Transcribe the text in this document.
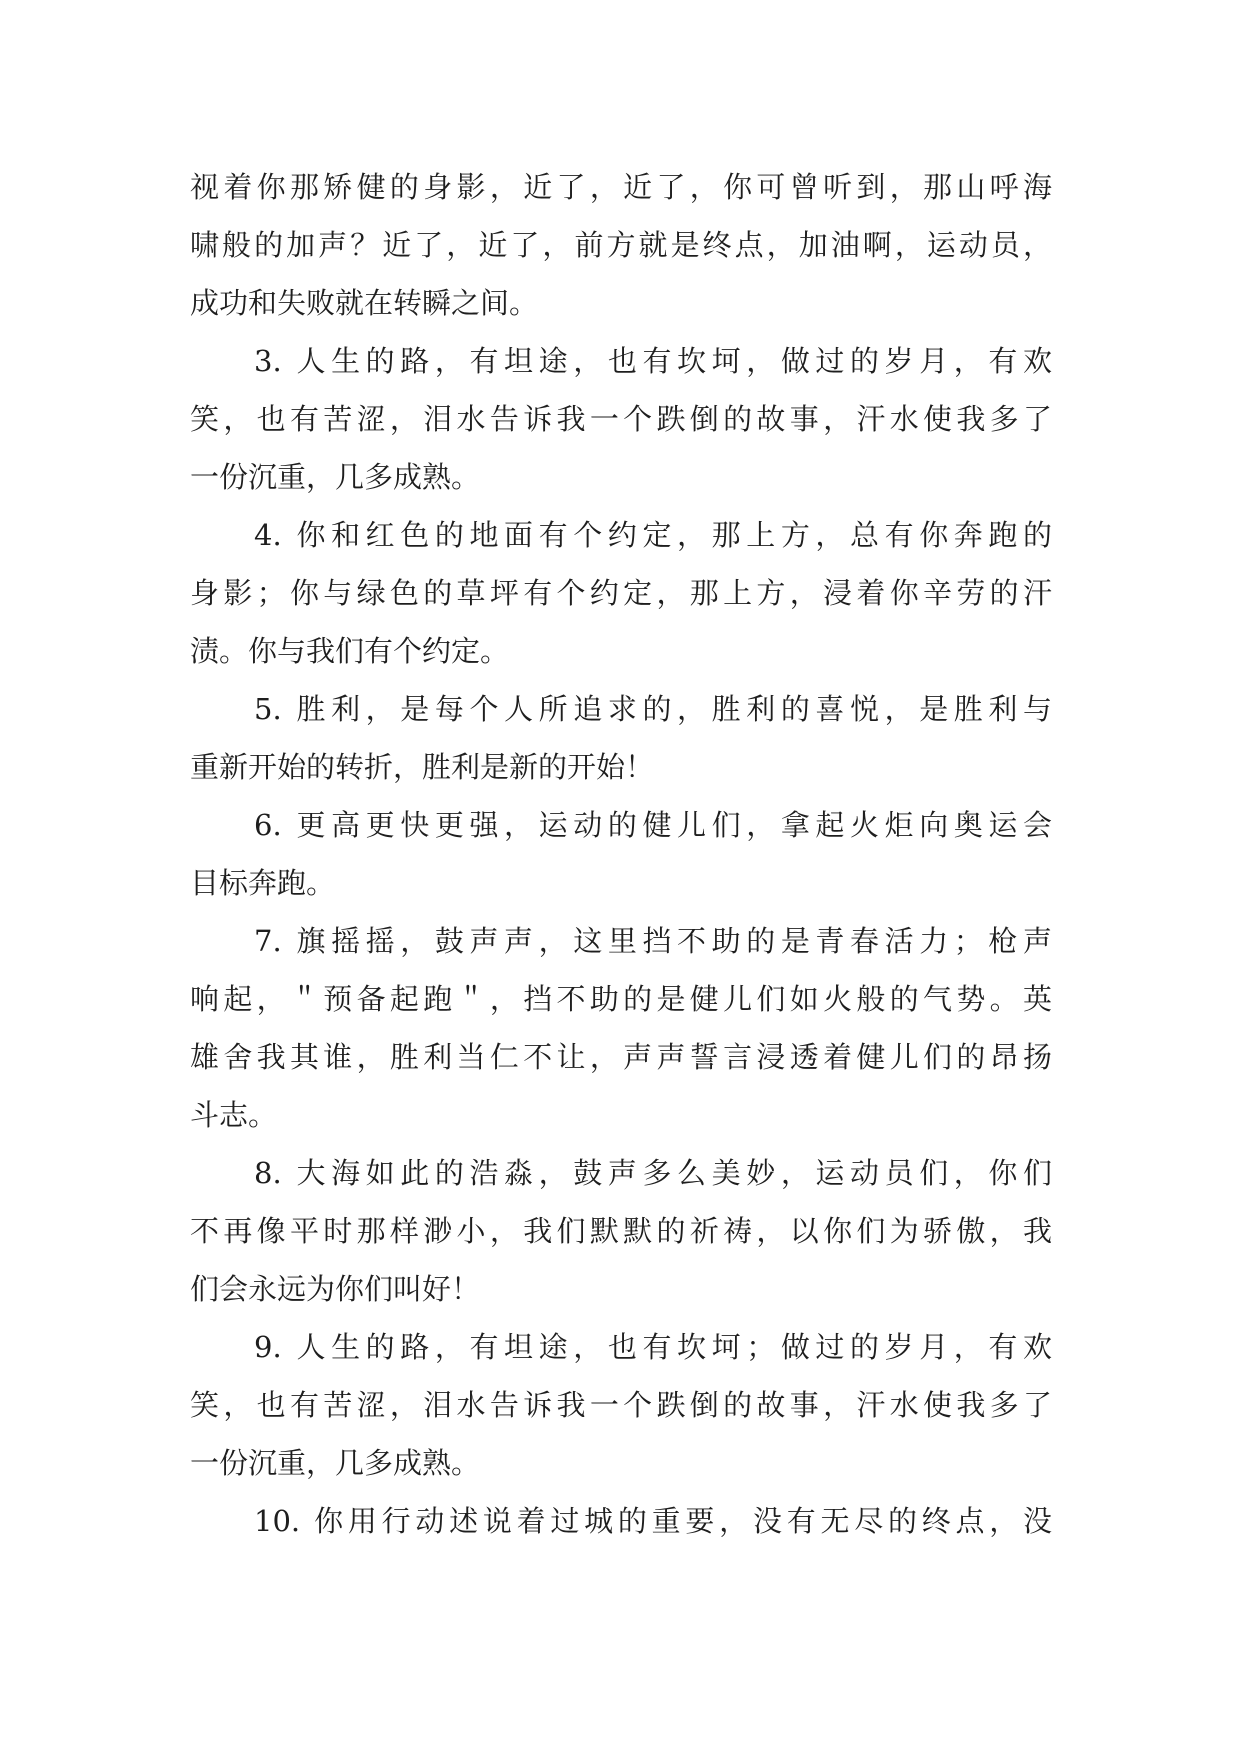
视着你那矫健的身影，近了，近了，你可曾听到，那山呼海
啸般的加声？近了，近了，前方就是终点，加油啊，运动员，
成功和失败就在转瞬之间。
3. 人生的路，有坦途，也有坎坷，做过的岁月，有欢
笑，也有苦涩，泪水告诉我一个跌倒的故事，汗水使我多了
一份沉重，几多成熟。
4. 你和红色的地面有个约定，那上方，总有你奔跑的
身影；你与绿色的草坪有个约定，那上方，浸着你辛劳的汗
渍。你与我们有个约定。
5. 胜利，是每个人所追求的，胜利的喜悦，是胜利与
重新开始的转折，胜利是新的开始！
6. 更高更快更强，运动的健儿们，拿起火炬向奥运会
目标奔跑。
7. 旗摇摇，鼓声声，这里挡不助的是青春活力；枪声
响起，＂预备起跑＂，挡不助的是健儿们如火般的气势。英
雄舍我其谁，胜利当仁不让，声声誓言浸透着健儿们的昂扬
斗志。
8. 大海如此的浩淼，鼓声多么美妙，运动员们，你们
不再像平时那样渺小，我们默默的祈祷，以你们为骄傲，我
们会永远为你们叫好！
9. 人生的路，有坦途，也有坎坷；做过的岁月，有欢
笑，也有苦涩，泪水告诉我一个跌倒的故事，汗水使我多了
一份沉重，几多成熟。
10. 你用行动述说着过城的重要，没有无尽的终点，没
